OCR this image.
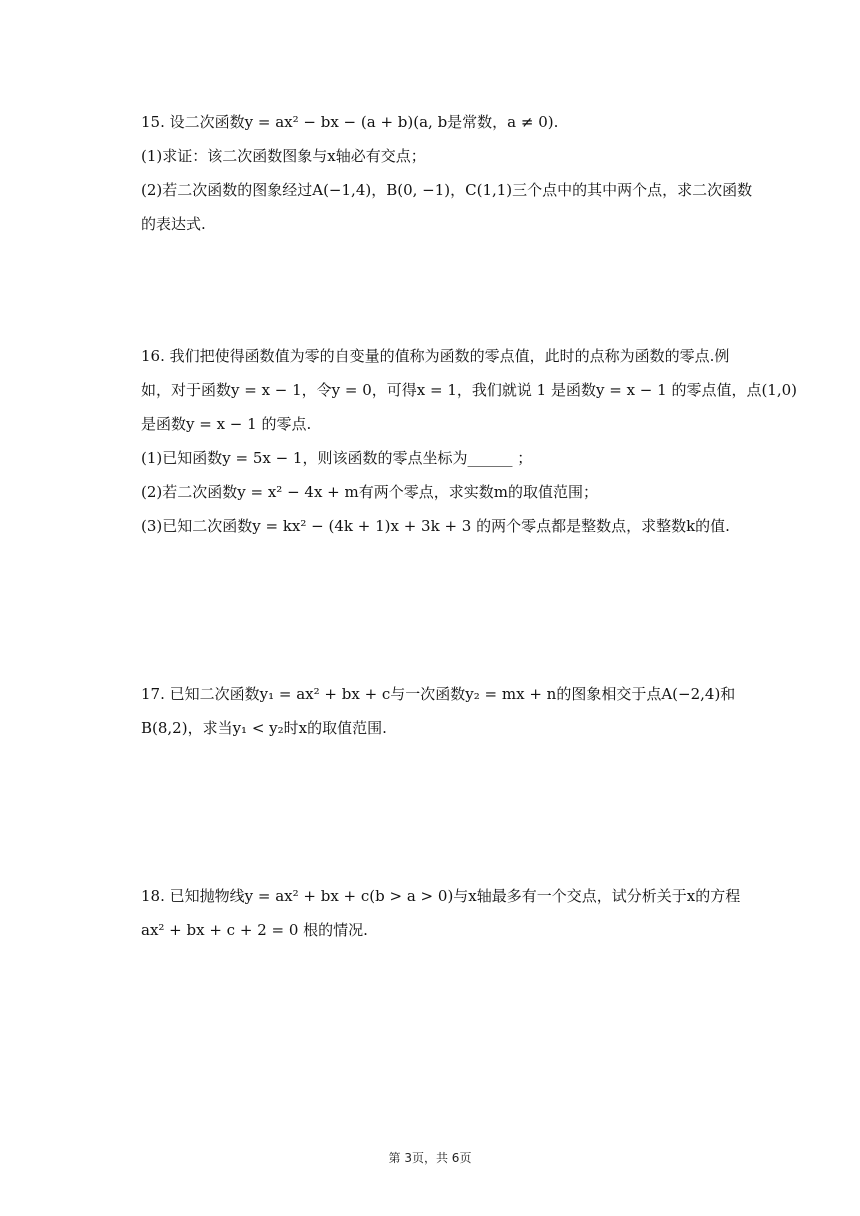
15. 设二次函数y = ax² − bx − (a + b)(a, b是常数，a ≠ 0).
(1)求证：该二次函数图象与x轴必有交点；
(2)若二次函数的图象经过A(−1,4)，B(0, −1)，C(1,1)三个点中的其中两个点，求二次函数
的表达式.
16. 我们把使得函数值为零的自变量的值称为函数的零点值，此时的点称为函数的零点.例
如，对于函数y = x − 1，令y = 0，可得x = 1，我们就说 1 是函数y = x − 1 的零点值，点(1,0)
是函数y = x − 1 的零点.
(1)已知函数y = 5x − 1，则该函数的零点坐标为______ ；
(2)若二次函数y = x² − 4x + m有两个零点，求实数m的取值范围；
(3)已知二次函数y = kx² − (4k + 1)x + 3k + 3 的两个零点都是整数点，求整数k的值.
17. 已知二次函数y₁ = ax² + bx + c与一次函数y₂ = mx + n的图象相交于点A(−2,4)和
B(8,2)，求当y₁ < y₂时x的取值范围.
18. 已知抛物线y = ax² + bx + c(b > a > 0)与x轴最多有一个交点，试分析关于x的方程
ax² + bx + c + 2 = 0 根的情况.
第 3页，共 6页
